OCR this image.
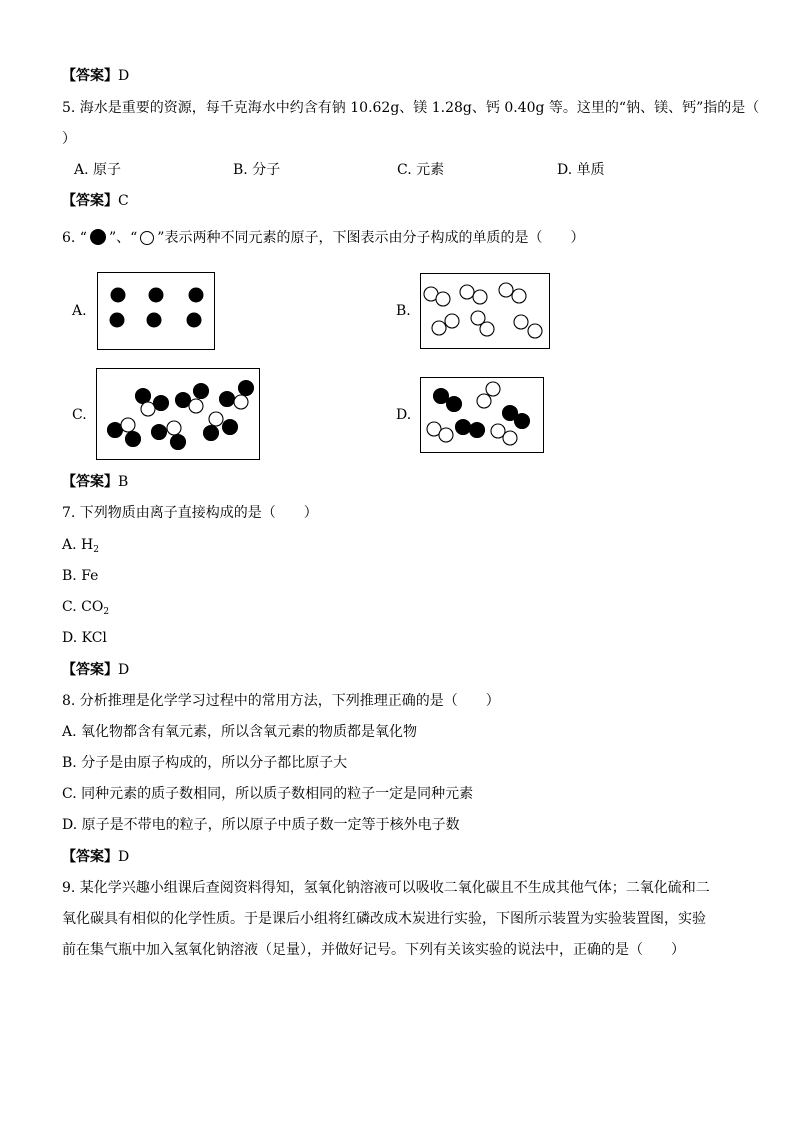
【答案】D
5. 海水是重要的资源，每千克海水中约含有钠 10.62g、镁 1.28g、钙 0.40g 等。这里的“钠、镁、钙”指的是（
）
A. 原子	B. 分子	C. 元素	D. 单质
【答案】C
6. “ ”、“ ”表示两种不同元素的原子，下图表示由分子构成的单质的是（　　）
A.	B.
C.	D.
【答案】B
7. 下列物质由离子直接构成的是（　　）
A. $H_2$
B. Fe
C. $CO_2$
D. KCl
【答案】D
8. 分析推理是化学学习过程中的常用方法，下列推理正确的是（　　）
A. 氧化物都含有氧元素，所以含氧元素的物质都是氧化物
B. 分子是由原子构成的，所以分子都比原子大
C. 同种元素的质子数相同，所以质子数相同的粒子一定是同种元素
D. 原子是不带电的粒子，所以原子中质子数一定等于核外电子数
【答案】D
9. 某化学兴趣小组课后查阅资料得知，氢氧化钠溶液可以吸收二氧化碳且不生成其他气体；二氧化硫和二
氧化碳具有相似的化学性质。于是课后小组将红磷改成木炭进行实验，下图所示装置为实验装置图，实验
前在集气瓶中加入氢氧化钠溶液（足量），并做好记号。下列有关该实验的说法中，正确的是（　　）
